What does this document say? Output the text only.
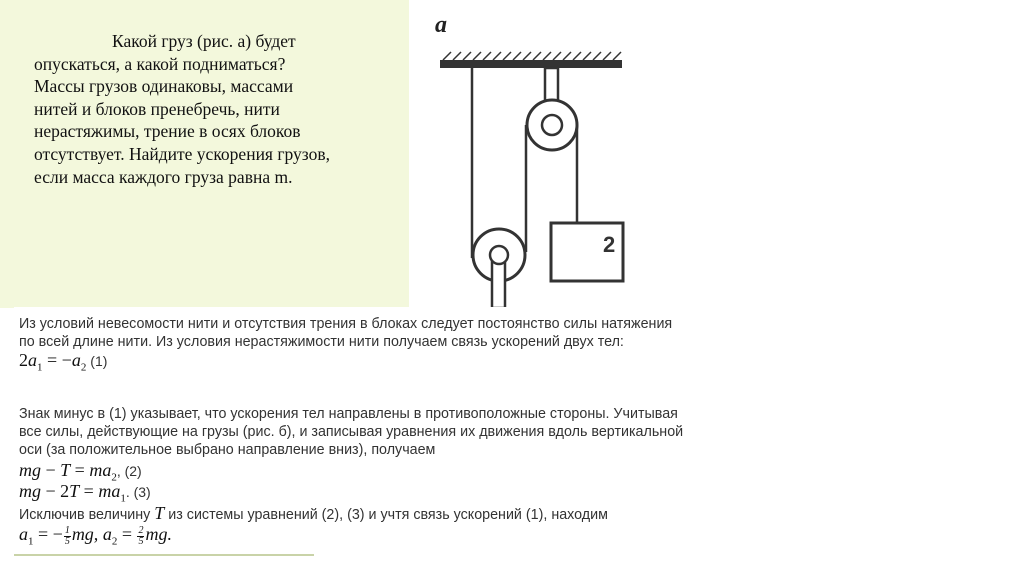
Какой груз (рис. а) будет
опускаться, а какой подниматься?
Массы грузов одинаковы, массами
нитей и блоков пренебречь, нити
нерастяжимы, трение в осях блоков
отсутствует. Найдите ускорения грузов,
если масса каждого груза равна m.
а
2
Из условий невесомости нити и отсутствия трения в блоках следует постоянство силы натяжения
по всей длине нити. Из условия нерастяжимости нити получаем связь ускорений двух тел:
$2a_1 = -a_2$ (1)
Знак минус в (1) указывает, что ускорения тел направлены в противоположные стороны. Учитывая
все силы, действующие на грузы (рис. б), и записывая уравнения их движения вдоль вертикальной
оси (за положительное выбрано направление вниз), получаем
mg − $T = ma_2$, (2)
mg − $2T = ma_1$. (3)
Исключив величину T из системы уравнений (2), (3) и учтя связь ускорений (1), находим
$a_1$ = − $\frac{1}{5}$ mg, $a_2 = \frac{2}{5}$ mg.
